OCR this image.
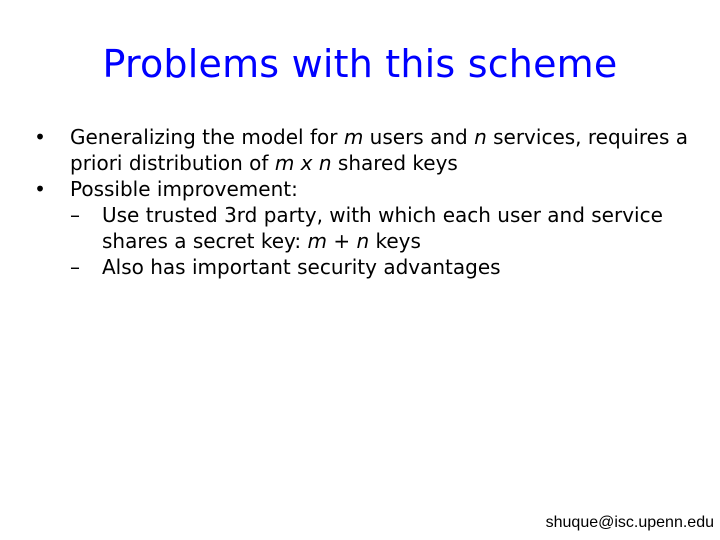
Problems with this scheme
• Generalizing the model for m users and n services, requires a priori distribution of m x n shared keys
• Possible improvement:
– Use trusted 3rd party, with which each user and service shares a secret key: m + n keys
– Also has important security advantages
shuque@isc.upenn.edu
